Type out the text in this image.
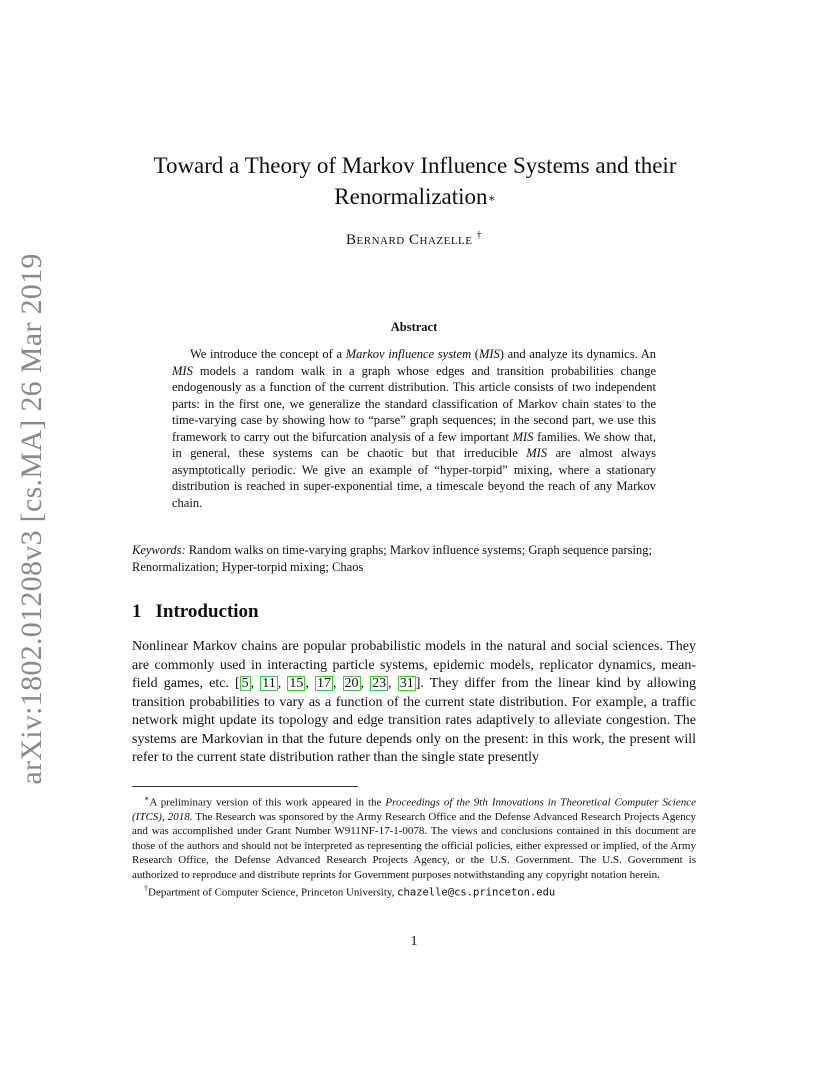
arXiv:1802.01208v3 [cs.MA] 26 Mar 2019
Toward a Theory of Markov Influence Systems and their Renormalization∗
Bernard Chazelle †
Abstract
We introduce the concept of a Markov influence system (MIS) and analyze its dynamics. An MIS models a random walk in a graph whose edges and transition probabilities change endogenously as a function of the current distribution. This article consists of two independent parts: in the first one, we generalize the standard classification of Markov chain states to the time-varying case by showing how to “parse” graph sequences; in the second part, we use this framework to carry out the bifurcation analysis of a few important MIS families. We show that, in general, these systems can be chaotic but that irreducible MIS are almost always asymptotically periodic. We give an example of “hyper-torpid” mixing, where a stationary distribution is reached in super-exponential time, a timescale beyond the reach of any Markov chain.
Keywords: Random walks on time-varying graphs; Markov influence systems; Graph sequence parsing; Renormalization; Hyper-torpid mixing; Chaos
1 Introduction
Nonlinear Markov chains are popular probabilistic models in the natural and social sciences. They are commonly used in interacting particle systems, epidemic models, replicator dynamics, mean-field games, etc. [ 5 , 11 , 15 , 17 , 20 , 23 , 31 ]. They differ from the linear kind by allowing transition probabilities to vary as a function of the current state distribution. For example, a traffic network might update its topology and edge transition rates adaptively to alleviate congestion. The systems are Markovian in that the future depends only on the present: in this work, the present will refer to the current state distribution rather than the single state presently
∗A preliminary version of this work appeared in the Proceedings of the 9th Innovations in Theoretical Computer Science (ITCS), 2018. The Research was sponsored by the Army Research Office and the Defense Advanced Research Projects Agency and was accomplished under Grant Number W911NF-17-1-0078. The views and conclusions contained in this document are those of the authors and should not be interpreted as representing the official policies, either expressed or implied, of the Army Research Office, the Defense Advanced Research Projects Agency, or the U.S. Government. The U.S. Government is authorized to reproduce and distribute reprints for Government purposes notwithstanding any copyright notation herein.
†Department of Computer Science, Princeton University, chazelle@cs.princeton.edu
1
